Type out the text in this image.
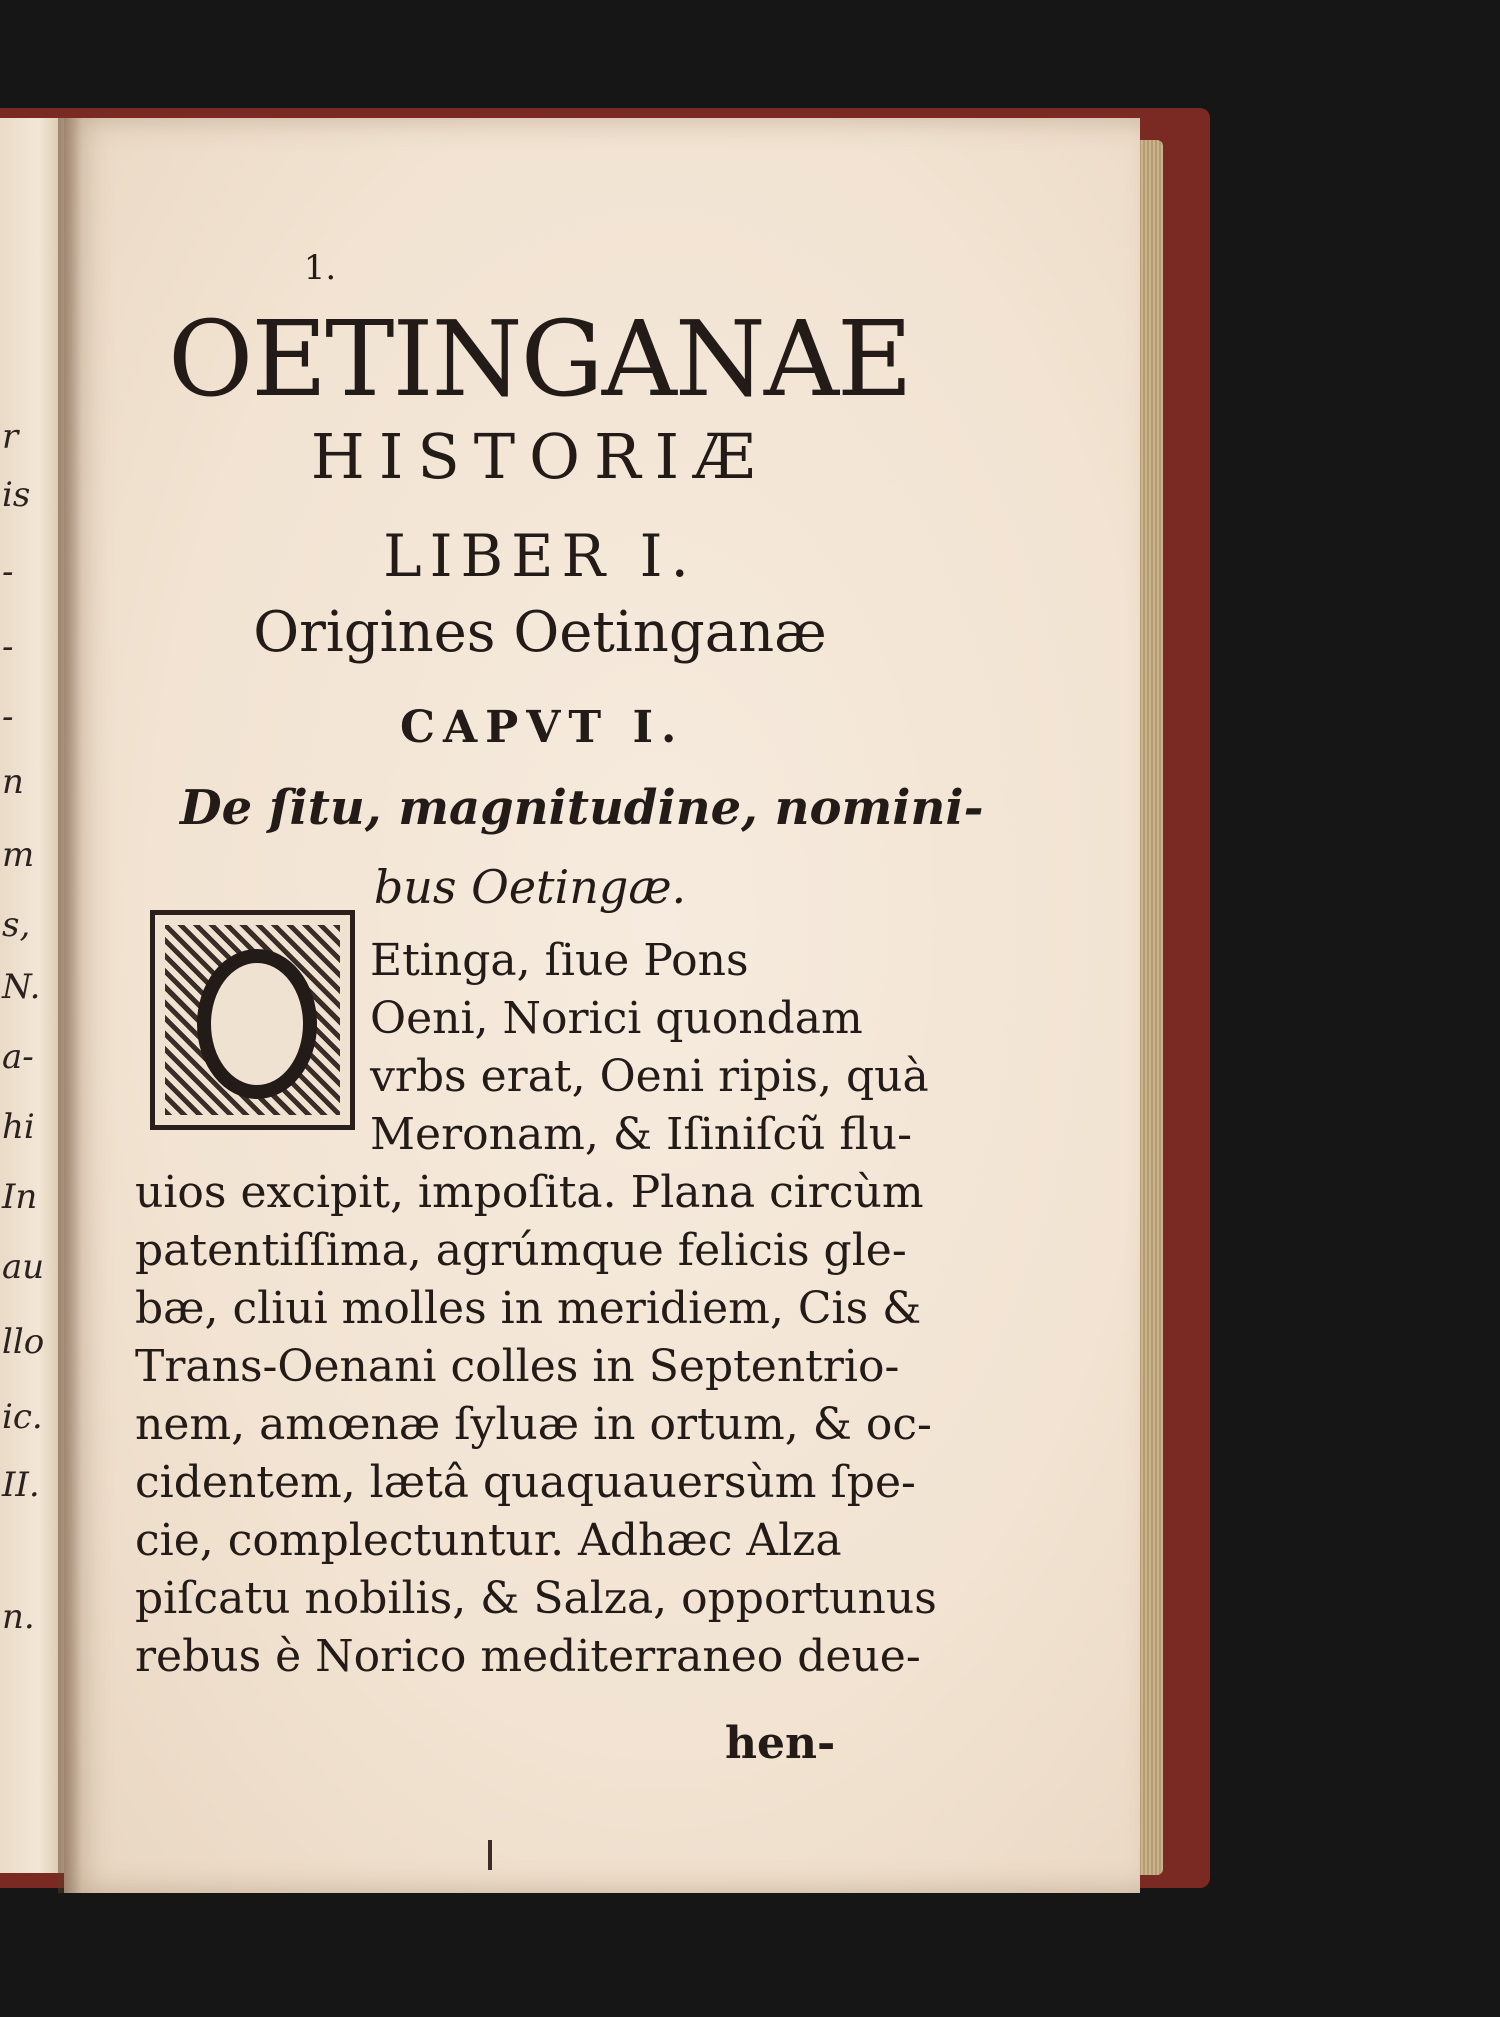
r
is
-
-
-
n
m
s,
N.
a-
hi
In
au
llo
ic.
II.
n.
1.
OETINGANAE
HISTORIÆ
LIBER I.
Origines Oetinganæ
CAPVT I.
De ſitu, magnitudine, nomini-
bus Oetingæ.
Etinga, ſiue Pons
Oeni, Norici quondam
vrbs erat, Oeni ripis, quà
Meronam, & Iſiniſcũ flu-
uios excipit, impoſita. Plana circùm
patentiſſima, agrúmque felicis gle-
bæ, cliui molles in meridiem, Cis &
Trans-Oenani colles in Septentrio-
nem, amœnæ ſyluæ in ortum, & oc-
cidentem, lætâ quaquauersùm ſpe-
cie, complectuntur. Adhæc Alza
piſcatu nobilis, & Salza, opportunus
rebus è Norico mediterraneo deue-
hen-
